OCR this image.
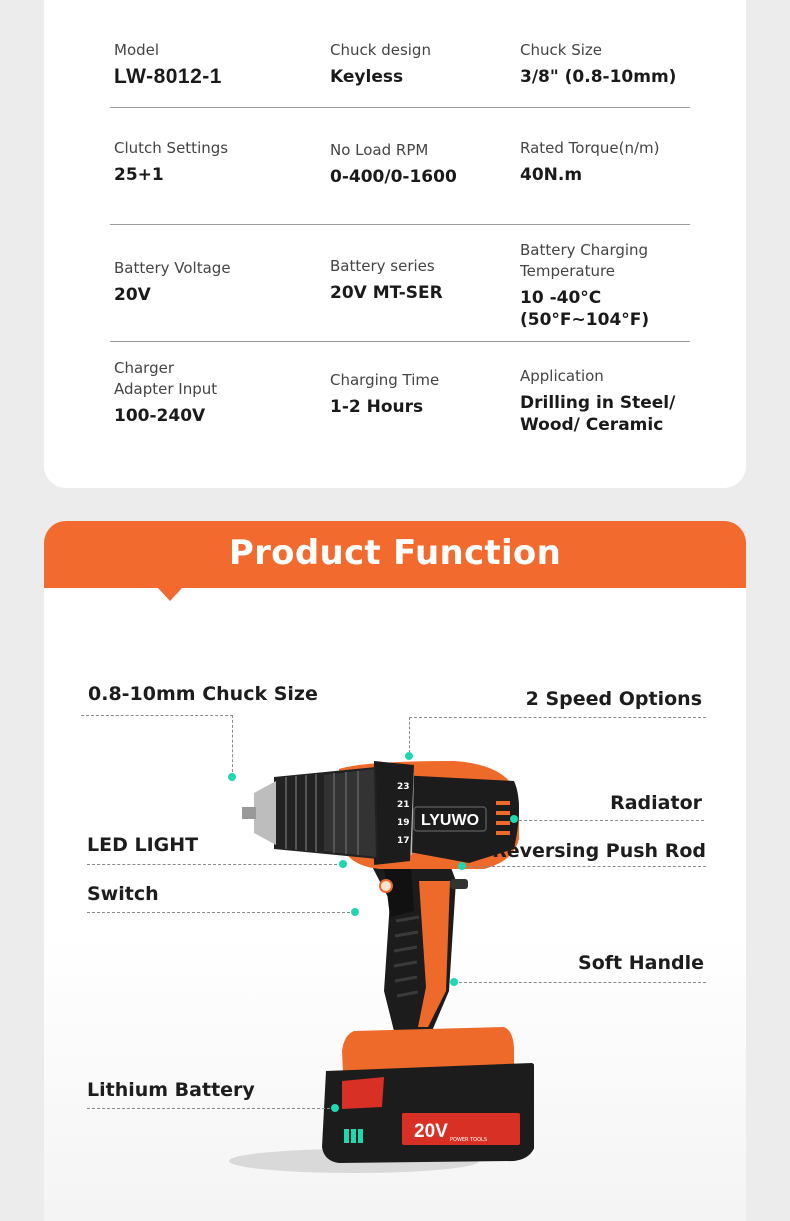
Model
LW-8012-1
Chuck design
Keyless
Chuck Size
3/8" (0.8-10mm)
Clutch Settings
25+1
No Load RPM
0-400/0-1600
Rated Torque(n/m)
40N.m
Battery Voltage
20V
Battery series
20V MT-SER
Battery Charging
Temperature
10 -40°C
(50°F~104°F)
Charger
Adapter Input
100-240V
Charging Time
1-2 Hours
Application
Drilling in Steel/
Wood/ Ceramic
Product Function
LYUWO
23
21
19
17
20V POWER TOOLS
0.8-10mm Chuck Size	2 Speed Options
Radiator
LED LIGHT	Reversing Push Rod
Switch
Soft Handle
Lithium Battery
